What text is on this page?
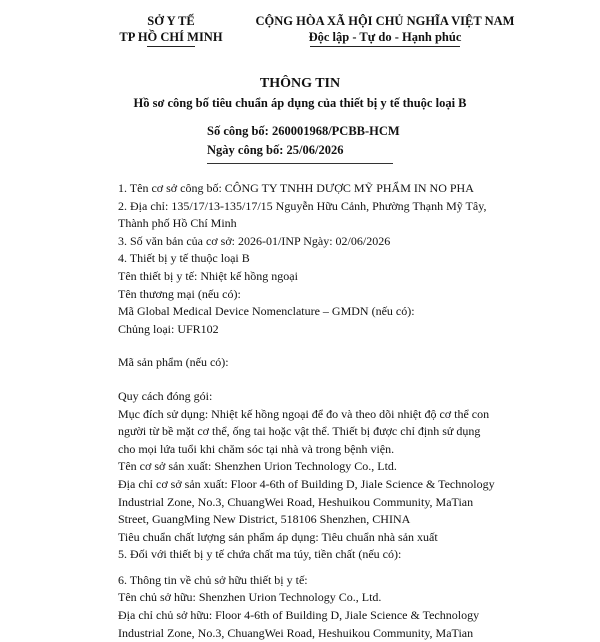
SỞ Y TẾ
TP HỒ CHÍ MINH
CỘNG HÒA XÃ HỘI CHỦ NGHĨA VIỆT NAM
Độc lập - Tự do - Hạnh phúc
THÔNG TIN
Hồ sơ công bố tiêu chuẩn áp dụng của thiết bị y tế thuộc loại B
Số công bố: 260001968/PCBB-HCM
Ngày công bố: 25/06/2026
1. Tên cơ sở công bố: CÔNG TY TNHH DƯỢC MỸ PHẨM IN NO PHA
2. Địa chỉ: 135/17/13-135/17/15 Nguyễn Hữu Cảnh, Phường Thạnh Mỹ Tây,
Thành phố Hồ Chí Minh
3. Số văn bản của cơ sở: 2026-01/INP Ngày: 02/06/2026
4. Thiết bị y tế thuộc loại B
Tên thiết bị y tế: Nhiệt kế hồng ngoại
Tên thương mại (nếu có):
Mã Global Medical Device Nomenclature – GMDN (nếu có):
Chủng loại: UFR102
Mã sản phẩm (nếu có):
Quy cách đóng gói:
Mục đích sử dụng: Nhiệt kế hồng ngoại để đo và theo dõi nhiệt độ cơ thể con người từ bề mặt cơ thể, ống tai hoặc vật thể. Thiết bị được chỉ định sử dụng cho mọi lứa tuổi khi chăm sóc tại nhà và trong bệnh viện.
Tên cơ sở sản xuất: Shenzhen Urion Technology Co., Ltd.
Địa chỉ cơ sở sản xuất: Floor 4-6th of Building D, Jiale Science & Technology Industrial Zone, No.3, ChuangWei Road, Heshuikou Community, MaTian Street, GuangMing New District, 518106 Shenzhen, CHINA
Tiêu chuẩn chất lượng sản phẩm áp dụng: Tiêu chuẩn nhà sản xuất
5. Đối với thiết bị y tế chứa chất ma túy, tiền chất (nếu có):
6. Thông tin về chủ sở hữu thiết bị y tế:
Tên chủ sở hữu: Shenzhen Urion Technology Co., Ltd.
Địa chỉ chủ sở hữu: Floor 4-6th of Building D, Jiale Science & Technology Industrial Zone, No.3, ChuangWei Road, Heshuikou Community, MaTian
